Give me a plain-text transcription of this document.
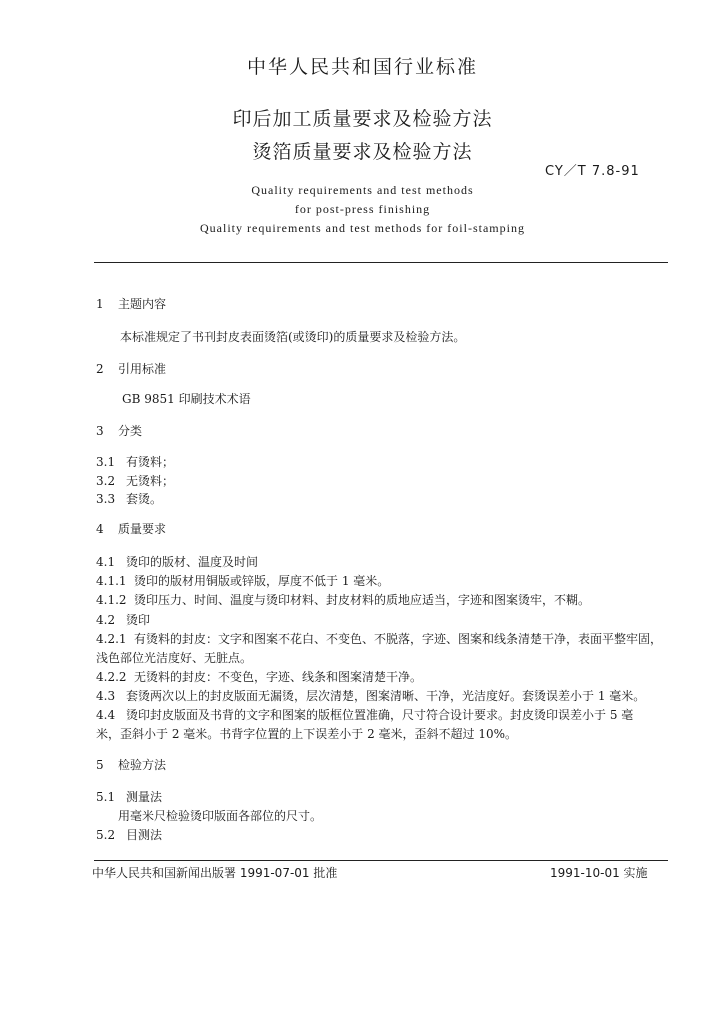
中华人民共和国行业标准
印后加工质量要求及检验方法
烫箔质量要求及检验方法
CY／T 7.8-91
Quality requirements and test methods
for post-press finishing
Quality requirements and test methods for foil-stamping
1 主题内容
本标准规定了书刊封皮表面烫箔(或烫印)的质量要求及检验方法。
2 引用标准
GB 9851 印刷技术术语
3 分类
3.1 有烫料；
3.2 无烫料；
3.3 套烫。
4 质量要求
4.1 烫印的版材、温度及时间
4.1.1 烫印的版材用铜版或锌版，厚度不低于 1 毫米。
4.1.2 烫印压力、时间、温度与烫印材料、封皮材料的质地应适当，字迹和图案烫牢，不糊。
4.2 烫印
4.2.1 有烫料的封皮：文字和图案不花白、不变色、不脱落，字迹、图案和线条清楚干净，表面平整牢固，
浅色部位光洁度好、无脏点。
4.2.2 无烫料的封皮：不变色，字迹、线条和图案清楚干净。
4.3 套烫两次以上的封皮版面无漏烫，层次清楚，图案清晰、干净，光洁度好。套烫误差小于 1 毫米。
4.4 烫印封皮版面及书背的文字和图案的版框位置准确，尺寸符合设计要求。封皮烫印误差小于 5 毫
米，歪斜小于 2 毫米。书背字位置的上下误差小于 2 毫米，歪斜不超过 10%。
5 检验方法
5.1 测量法
用毫米尺检验烫印版面各部位的尺寸。
5.2 目测法
中华人民共和国新闻出版署 1991-07-01 批准	1991-10-01 实施
